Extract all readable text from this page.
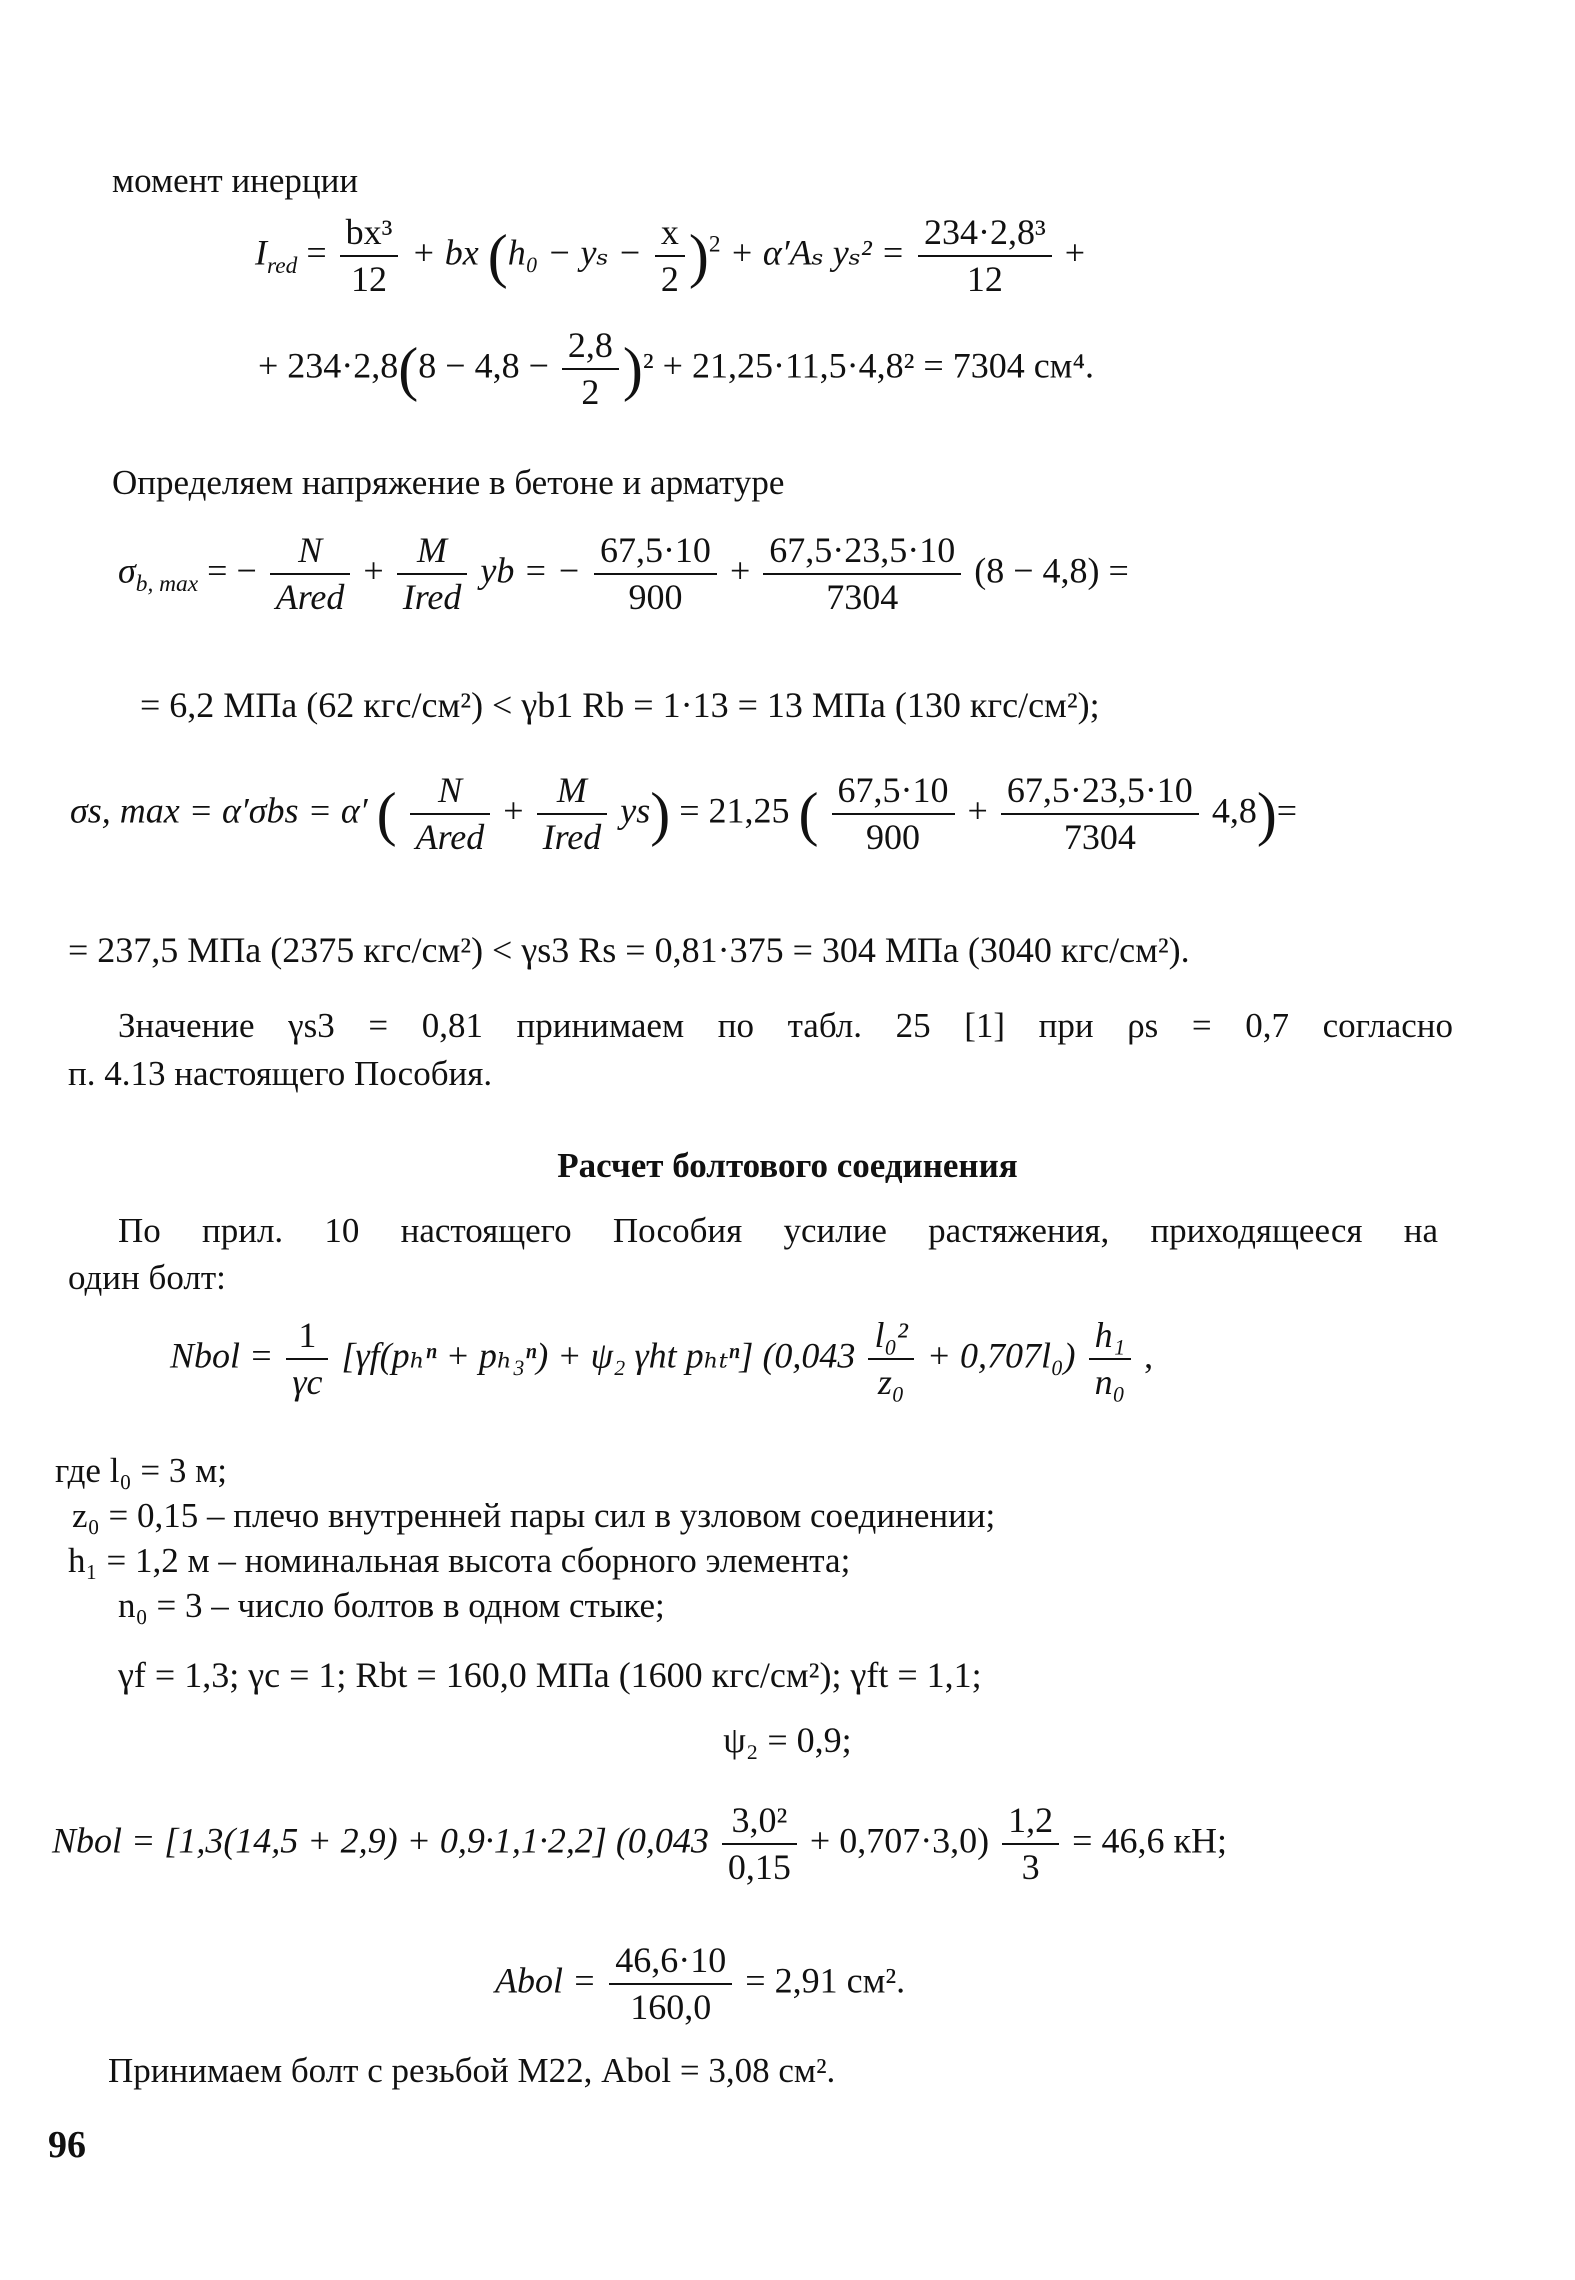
момент инерции
$I_{red} = \frac{\text{bx³}}{12}$ + bx $(h_0 - y_s - \frac{x}{2} )^2 + \alpha'A_s$ $y_s^2 = \frac{\text{234·2,8³}}{12}$ +
+ $234\cdot 2,8(8 - 4,8 - \frac{2,8}{2} )^2 + 21,25\cdot 11,5\cdot 4,8^2 = 7304$ см⁴.
Определяем напряжение в бетоне и арматуре
$\sigma_{b, max}$ = − $\frac{N}{\text{Ared}} + \frac{M}{\text{Ired}}$ yb = − $\frac{67,5\cdot 10}{900} + \frac{67,5\cdot 23,5\cdot 10}{7304} (8 - 4,8)$ =
= 6,2 МПа (62 кгс/см²) < γb1 Rb = 1·13 = 13 МПа (130 кгс/см²);
σs, max = α′σbs = α′ ( $\frac{N}{\text{Ared}} + \frac{M}{\text{Ired}} ys) = 21,25$ ( $\frac{67,5\cdot 10}{900} + \frac{67,5\cdot 23,5\cdot 10}{7304} 4,8)=$
= 237,5 МПа (2375 кгс/см²) < γs3 Rs = 0,81·375 = 304 МПа (3040 кгс/см²).
Значение γs3 = 0,81 принимаем по табл. 25 [1] при ρs = 0,7 согласно
п. 4.13 настоящего Пособия.
Расчет болтового соединения
По прил. 10 настоящего Пособия усилие растяжения, приходящееся на
один болт:
Nbol = $\frac{1}{\gamma c} [\gamma f(p_h^n + p_{h3}^n) + \psi_2$ γht pₕₜⁿ] $(0,043 \frac{\text{l₀²}}{\text{z₀}} + 0,707l_0) \frac{\text{h₁}}{\text{n₀}}$ ,
где l₀ = 3 м;
z₀ = 0,15 – плечо внутренней пары сил в узловом соединении;
h₁ = 1,2 м – номинальная высота сборного элемента;
n₀ = 3 – число болтов в одном стыке;
γf = 1,3; γc = 1; Rbt = 160,0 МПа (1600 кгс/см²); γft = 1,1;
ψ₂ = 0,9;
Nbol = [1,3(14,5 + 2,9) + 0,9·1,1·2,2] $(0,043 \frac{\text{3,0²}}{0,15} + 0,707\cdot 3,0) \frac{1,2}{3} = 46,6$ кН;
Abol = $\frac{46,6\cdot 10}{160,0} = 2,91$ см².
Принимаем болт с резьбой М22, Abol = 3,08 см².
96
